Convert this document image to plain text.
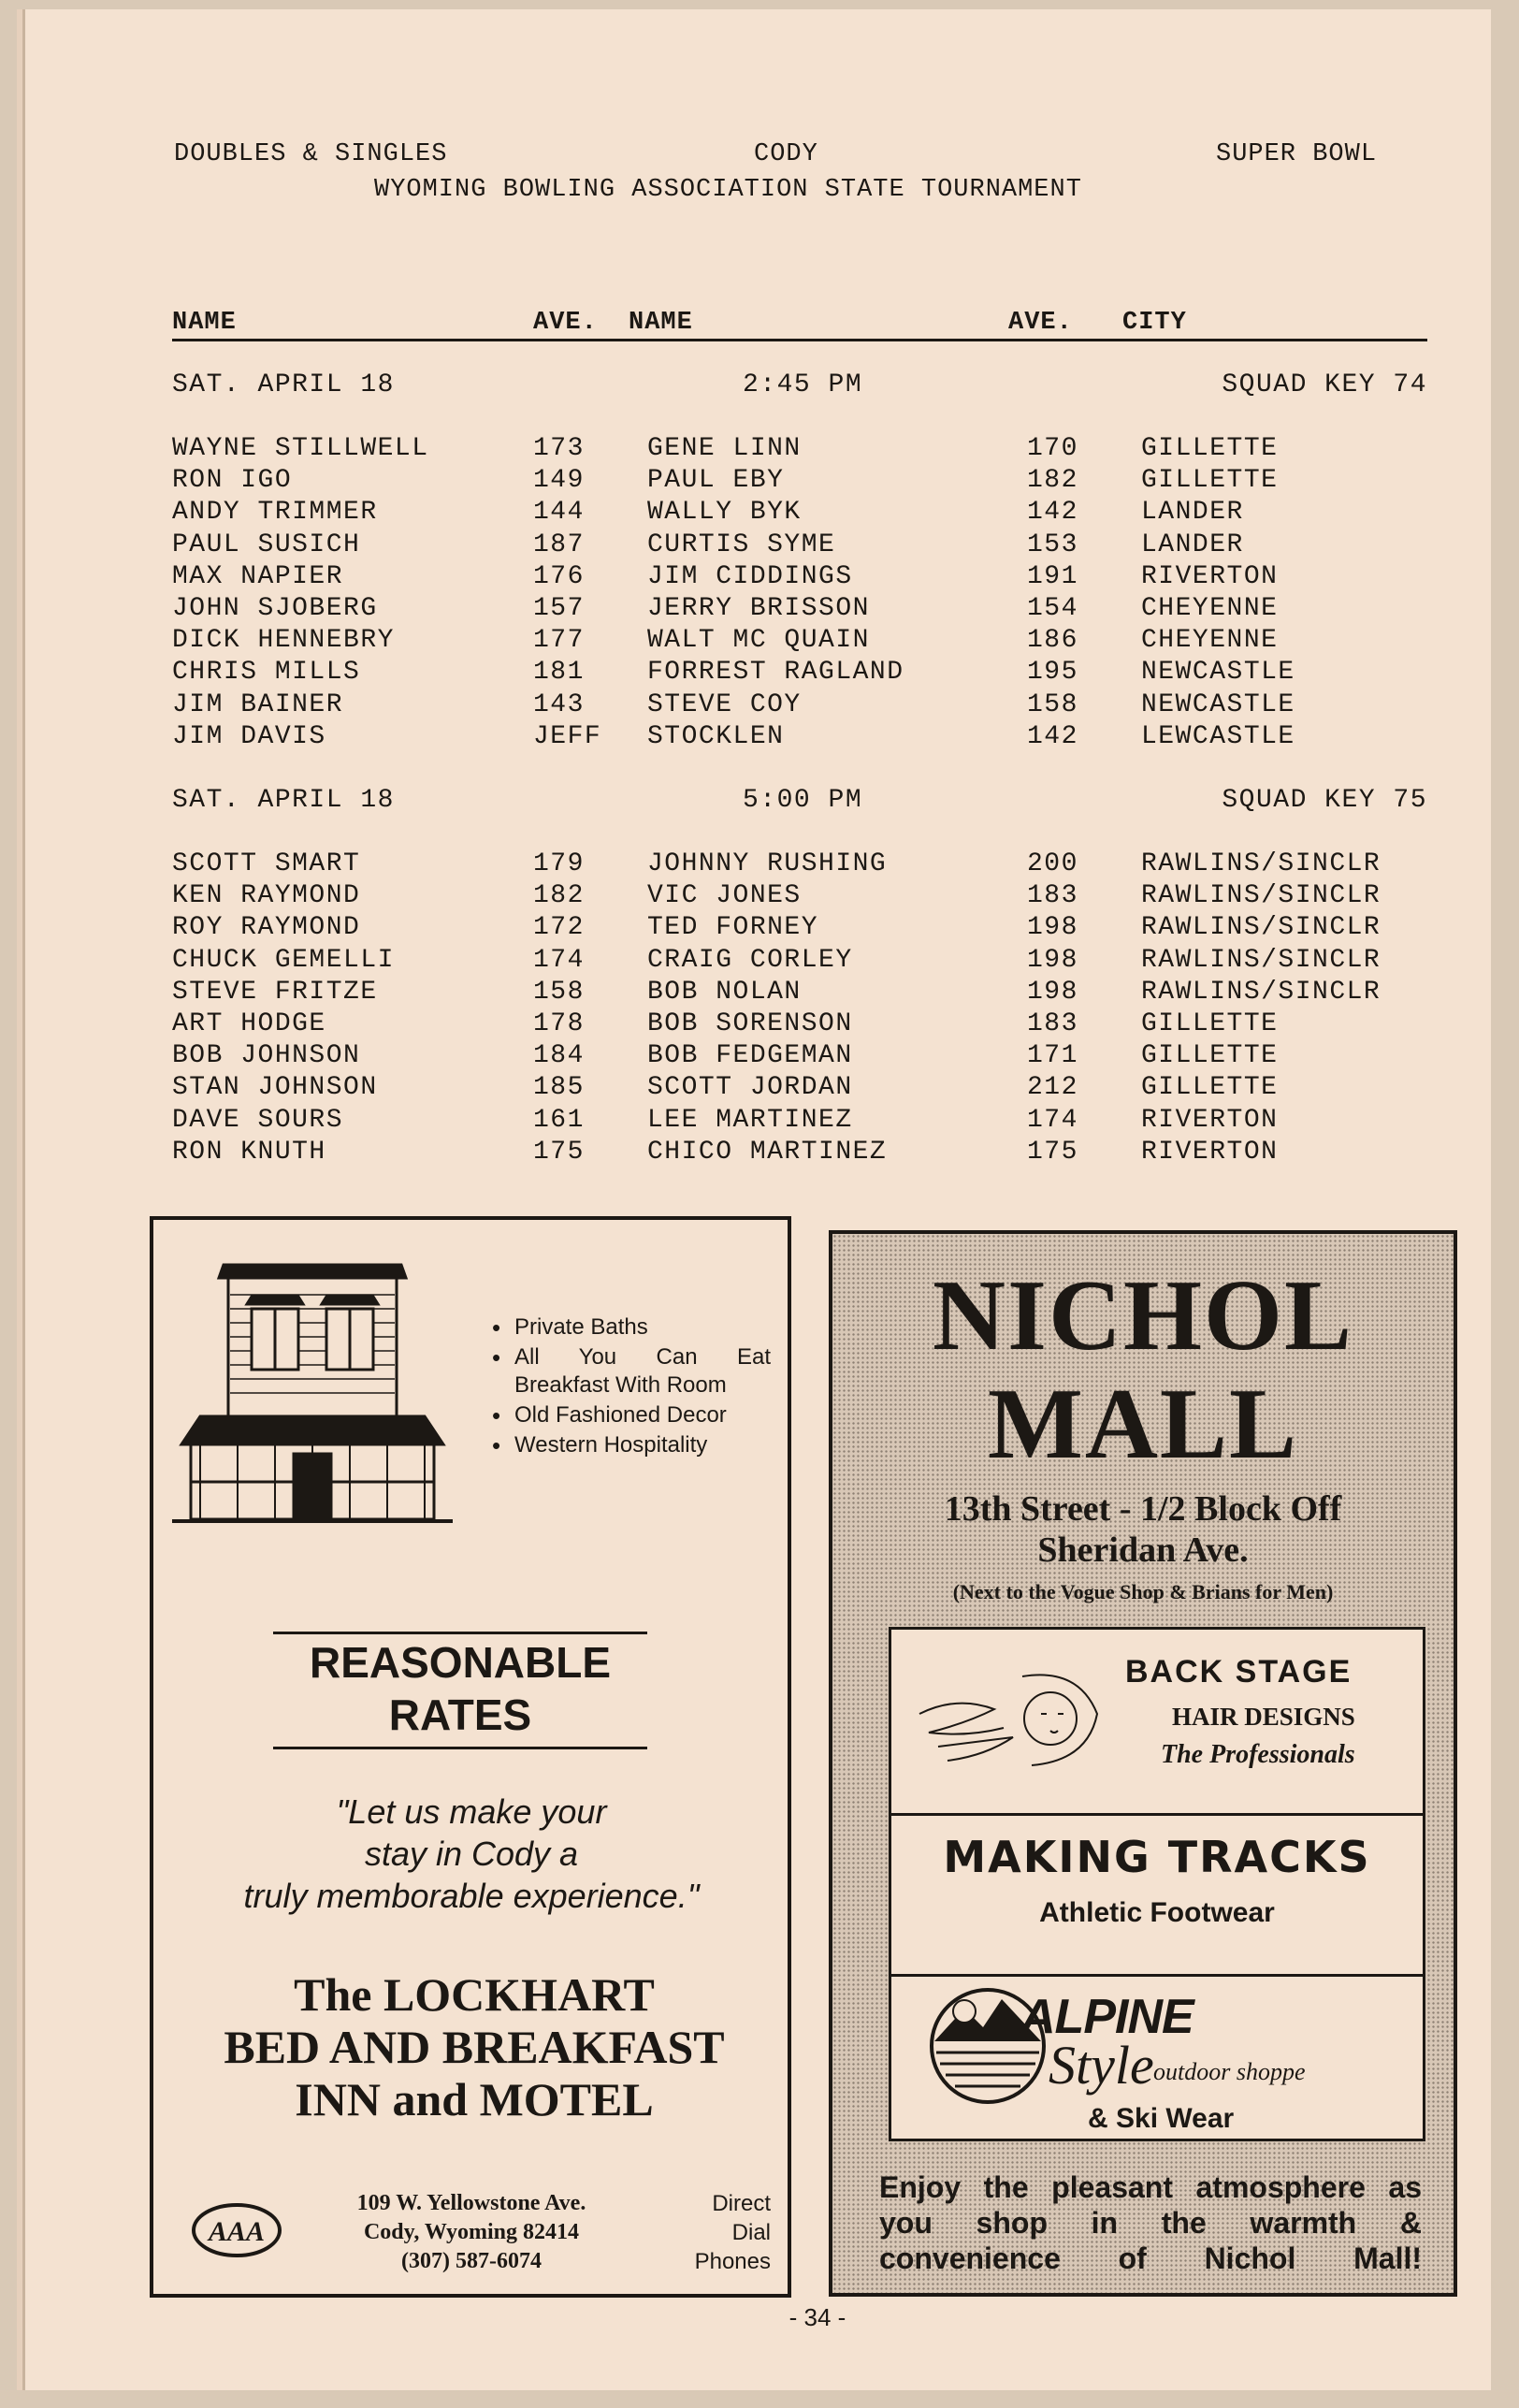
DOUBLES & SINGLES	CODY	SUPER BOWL
WYOMING BOWLING ASSOCIATION STATE TOURNAMENT
NAME	AVE. NAME	AVE. CITY
SAT. APRIL 18	2:45 PM	SQUAD KEY 74
WAYNE STILLWELL	173 GENE LINN	170 GILLETTE
RON IGO	149 PAUL EBY	182 GILLETTE
ANDY TRIMMER	144 WALLY BYK	142 LANDER
PAUL SUSICH	187 CURTIS SYME	153 LANDER
MAX NAPIER	176 JIM CIDDINGS	191 RIVERTON
JOHN SJOBERG	157 JERRY BRISSON	154 CHEYENNE
DICK HENNEBRY	177 WALT MC QUAIN	186 CHEYENNE
CHRIS MILLS	181 FORREST RAGLAND	195 NEWCASTLE
JIM BAINER	143 STEVE COY	158 NEWCASTLE
JIM DAVIS	JEFF STOCKLEN	142 LEWCASTLE
SAT. APRIL 18	5:00 PM	SQUAD KEY 75
SCOTT SMART	179 JOHNNY RUSHING	200 RAWLINS/SINCLR
KEN RAYMOND	182 VIC JONES	183 RAWLINS/SINCLR
ROY RAYMOND	172 TED FORNEY	198 RAWLINS/SINCLR
CHUCK GEMELLI	174 CRAIG CORLEY	198 RAWLINS/SINCLR
STEVE FRITZE	158 BOB NOLAN	198 RAWLINS/SINCLR
ART HODGE	178 BOB SORENSON	183 GILLETTE
BOB JOHNSON	184 BOB FEDGEMAN	171 GILLETTE
STAN JOHNSON	185 SCOTT JORDAN	212 GILLETTE
DAVE SOURS	161 LEE MARTINEZ	174 RIVERTON
RON KNUTH	175 CHICO MARTINEZ	175 RIVERTON
• Private Baths
• All You Can Eat Breakfast With Room
• Old Fashioned Decor
• Western Hospitality
REASONABLE
RATES
"Let us make your
stay in Cody a
truly memborable experience."
The LOCKHART
BED AND BREAKFAST
INN and MOTEL
AAA
109 W. Yellowstone Ave.
Cody, Wyoming 82414
(307) 587-6074
Direct
Dial
Phones
NICHOL
MALL
13th Street - 1/2 Block Off
Sheridan Ave.
(Next to the Vogue Shop & Brians for Men)
BACK STAGE
HAIR DESIGNS
The Professionals
MAKING TRACKS
Athletic Footwear
ALPINE
Style outdoor shoppe
& Ski Wear
Enjoy the pleasant atmosphere as you shop in the warmth & convenience of Nichol Mall!
- 34 -
